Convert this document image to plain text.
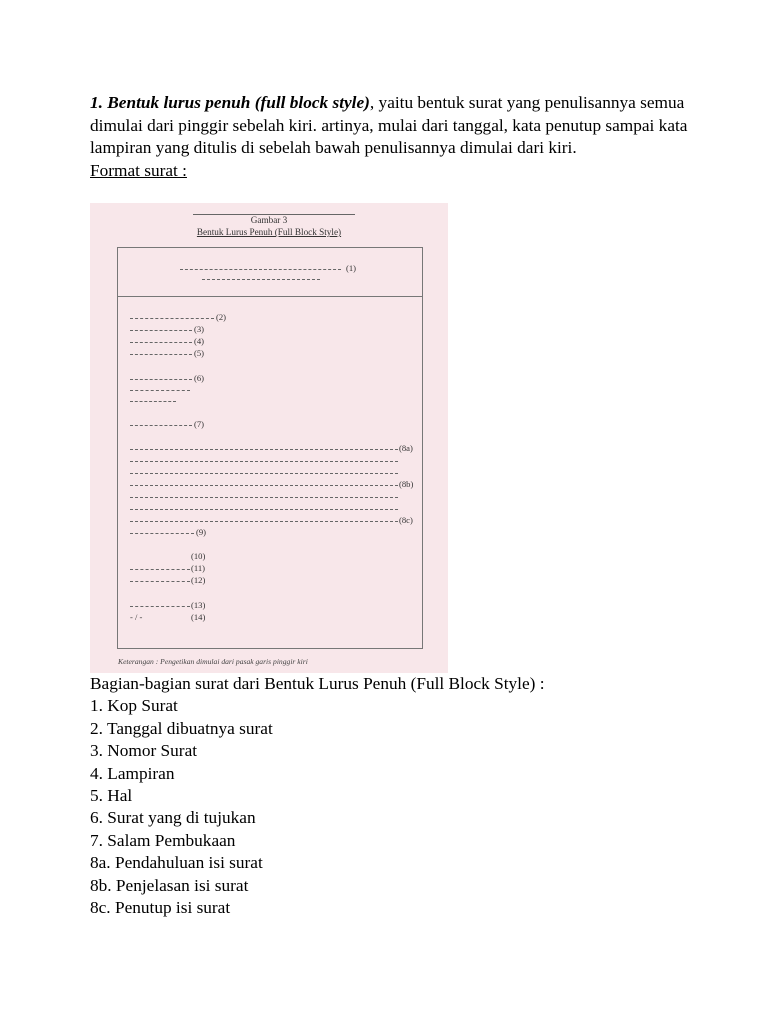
1. Bentuk lurus penuh (full block style), yaitu bentuk surat yang penulisannya semua dimulai dari pinggir sebelah kiri. artinya, mulai dari tanggal, kata penutup sampai kata lampiran yang ditulis di sebelah bawah penulisannya dimulai dari kiri.

Format surat :
Gambar 3
Bentuk Lurus Penuh (Full Block Style)
(1)
(2)
(3)
(4)
(5)
(6)
(7)
(8a)
(8b)
(8c)
(9)
(10)
(11)
(12)
(13)
- / -	(14)
Keterangan : Pengetikan dimulai dari pasak garis pinggir kiri
Bagian-bagian surat dari Bentuk Lurus Penuh (Full Block Style) :
1. Kop Surat
2. Tanggal dibuatnya surat
3. Nomor Surat
4. Lampiran
5. Hal
6. Surat yang di tujukan
7. Salam Pembukaan
8a. Pendahuluan isi surat
8b. Penjelasan isi surat
8c. Penutup isi surat
